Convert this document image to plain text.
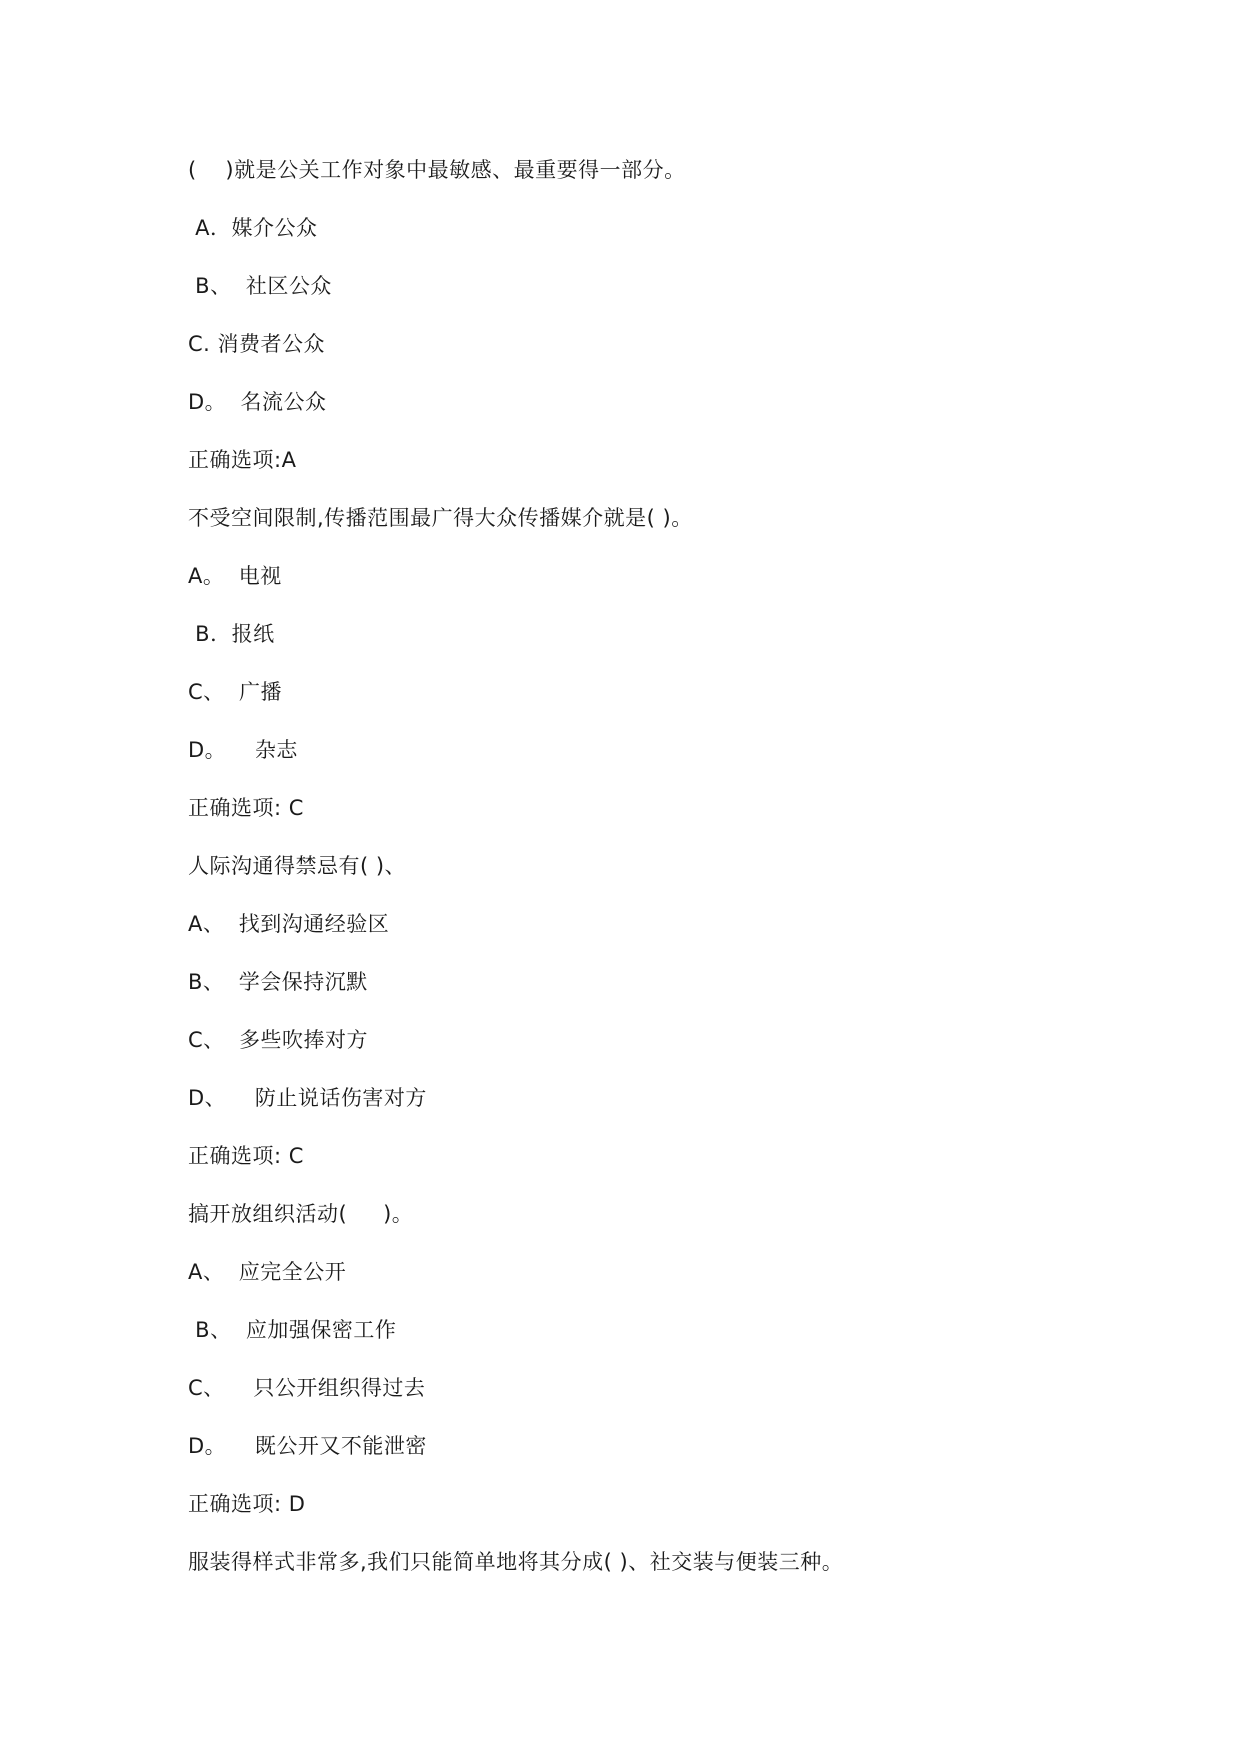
(    )就是公关工作对象中最敏感、最重要得一部分。
A．媒介公众
B、  社区公众
C. 消费者公众
D。  名流公众
正确选项:A
不受空间限制,传播范围最广得大众传播媒介就是( )。
A。  电视
B．报纸
C、  广播
D。    杂志
正确选项: C
人际沟通得禁忌有( )、
A、  找到沟通经验区
B、  学会保持沉默
C、  多些吹捧对方
D、    防止说话伤害对方
正确选项: C
搞开放组织活动(     )。
A、  应完全公开
B、  应加强保密工作
C、    只公开组织得过去
D。    既公开又不能泄密
正确选项: D
服装得样式非常多,我们只能简单地将其分成( )、社交装与便装三种。
